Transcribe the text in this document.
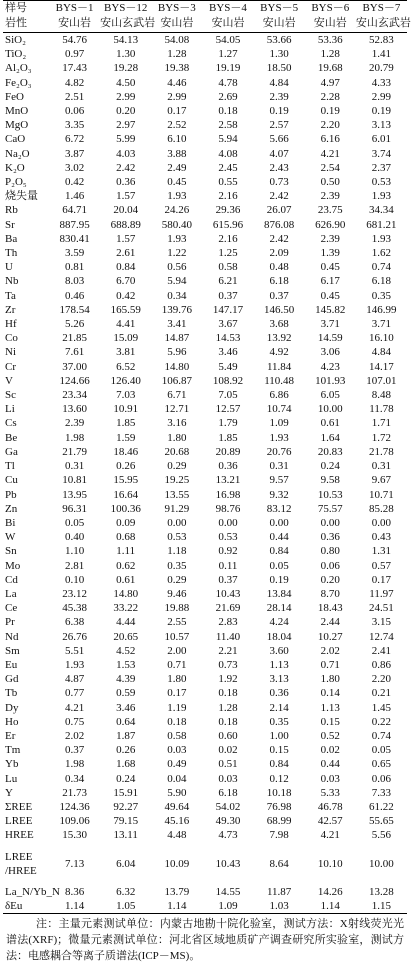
样号	BYS－1	BYS－12	BYS－3	BYS－4	BYS－5	BYS－6	BYS－7
岩性	安山岩	安山玄武岩	安山岩	安山岩	安山岩	安山岩	安山玄武岩
SiO₂	54.76	54.13	54.08	54.05	53.66	53.36	52.83
TiO₂	0.97	1.30	1.28	1.27	1.30	1.28	1.41
Al₂O₃	17.43	19.28	19.38	19.19	18.50	19.68	20.79
Fe₂O₃	4.82	4.50	4.46	4.78	4.84	4.97	4.33
FeO	2.51	2.99	2.99	2.69	2.39	2.28	2.99
MnO	0.06	0.20	0.17	0.18	0.19	0.19	0.19
MgO	3.35	2.97	2.52	2.58	2.57	2.20	3.13
CaO	6.72	5.99	6.10	5.94	5.66	6.16	6.01
Na₂O	3.87	4.03	3.88	4.08	4.07	4.21	3.74
K₂O	3.02	2.42	2.49	2.45	2.43	2.54	2.37
P₂O₅	0.42	0.36	0.45	0.55	0.73	0.50	0.53
烧失量	1.46	1.57	1.93	2.16	2.42	2.39	1.93
Rb	64.71	20.04	24.26	29.36	26.07	23.75	34.34
Sr	887.95	688.89	580.40	615.96	876.08	626.90	681.21
Ba	830.41	1.57	1.93	2.16	2.42	2.39	1.93
Th	3.59	2.61	1.22	1.25	2.09	1.39	1.62
U	0.81	0.84	0.56	0.58	0.48	0.45	0.74
Nb	8.03	6.70	5.94	6.21	6.18	6.17	6.18
Ta	0.46	0.42	0.34	0.37	0.37	0.45	0.35
Zr	178.54	165.59	139.76	147.17	146.50	145.82	146.99
Hf	5.26	4.41	3.41	3.67	3.68	3.71	3.71
Co	21.85	15.09	14.87	14.53	13.92	14.59	16.10
Ni	7.61	3.81	5.96	3.46	4.92	3.06	4.84
Cr	37.00	6.52	14.80	5.49	11.84	4.23	14.17
V	124.66	126.40	106.87	108.92	110.48	101.93	107.01
Sc	23.34	7.03	6.71	7.05	6.86	6.05	8.48
Li	13.60	10.91	12.71	12.57	10.74	10.00	11.78
Cs	2.39	1.85	3.16	1.79	1.09	0.61	1.71
Be	1.98	1.59	1.80	1.85	1.93	1.64	1.72
Ga	21.79	18.46	20.68	20.89	20.76	20.83	21.78
Tl	0.31	0.26	0.29	0.36	0.31	0.24	0.31
Cu	10.81	15.95	19.25	13.21	9.57	9.58	9.67
Pb	13.95	16.64	13.55	16.98	9.32	10.53	10.71
Zn	96.31	100.36	91.29	98.76	83.12	75.57	85.28
Bi	0.05	0.09	0.00	0.00	0.00	0.00	0.00
W	0.40	0.68	0.53	0.53	0.44	0.36	0.43
Sn	1.10	1.11	1.18	0.92	0.84	0.80	1.31
Mo	2.81	0.62	0.35	0.11	0.05	0.06	0.57
Cd	0.10	0.61	0.29	0.37	0.19	0.20	0.17
La	23.12	14.80	9.46	10.43	13.84	8.70	11.97
Ce	45.38	33.22	19.88	21.69	28.14	18.43	24.51
Pr	6.38	4.44	2.55	2.83	4.24	2.44	3.15
Nd	26.76	20.65	10.57	11.40	18.04	10.27	12.74
Sm	5.51	4.52	2.00	2.21	3.60	2.02	2.41
Eu	1.93	1.53	0.71	0.73	1.13	0.71	0.86
Gd	4.87	4.39	1.80	1.92	3.13	1.80	2.20
Tb	0.77	0.59	0.17	0.18	0.36	0.14	0.21
Dy	4.21	3.46	1.19	1.28	2.14	1.13	1.45
Ho	0.75	0.64	0.18	0.18	0.35	0.15	0.22
Er	2.02	1.87	0.58	0.60	1.00	0.52	0.74
Tm	0.37	0.26	0.03	0.02	0.15	0.02	0.05
Yb	1.98	1.68	0.49	0.51	0.84	0.44	0.65
Lu	0.34	0.24	0.04	0.03	0.12	0.03	0.06
Y	21.73	15.91	5.90	6.18	10.18	5.33	7.33
ΣREE	124.36	92.27	49.64	54.02	76.98	46.78	61.22
LREE	109.06	79.15	45.16	49.30	68.99	42.57	55.65
HREE	15.30	13.11	4.48	4.73	7.98	4.21	5.56
LREE
/HREE	7.13	6.04	10.09	10.43	8.64	10.10	10.00
La_N/Yb_N	8.36	6.32	13.79	14.55	11.87	14.26	13.28
δEu	1.14	1.05	1.14	1.09	1.03	1.14	1.15
注：主量元素测试单位：内蒙古地勘十院化验室，测试方法：X射线荧光光谱法(XRF)；微量元素测试单位：河北省区域地质矿产调查研究所实验室，测试方法：电感耦合等离子质谱法(ICP－MS)。
